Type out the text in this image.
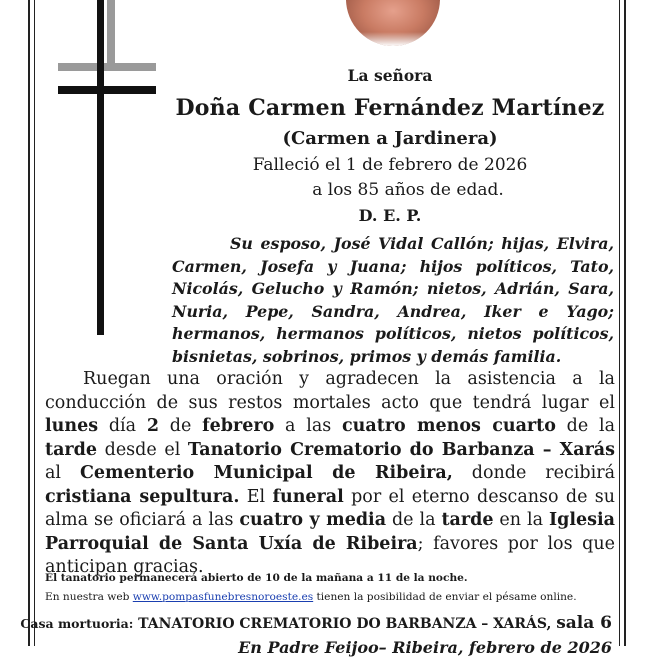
La señora

Doña Carmen Fernández Martínez

(Carmen a Jardinera)

Falleció el 1 de febrero de 2026

a los 85 años de edad.

D. E. P.

Su esposo, José Vidal Callón; hijas, Elvira, Carmen, Josefa y Juana; hijos políticos, Tato, Nicolás, Gelucho y Ramón; nietos, Adrián, Sara, Nuria, Pepe, Sandra, Andrea, Iker e Yago; hermanos, hermanos políticos, nietos políticos, bisnietas, sobrinos, primos y demás familia.

Ruegan una oración y agradecen la asistencia a la conducción de sus restos mortales acto que tendrá lugar el lunes día 2 de febrero a las cuatro menos cuarto de la tarde desde el Tanatorio Crematorio do Barbanza – Xarás al Cementerio Municipal de Ribeira, donde recibirá cristiana sepultura. El funeral por el eterno descanso de su alma se oficiará a las cuatro y media de la tarde en la Iglesia Parroquial de Santa Uxía de Ribeira; favores por los que anticipan gracias.

El tanatorio permanecerá abierto de 10 de la mañana a 11 de la noche.

En nuestra web www.pompasfunebresnoroeste.es tienen la posibilidad de enviar el pésame online.

Casa mortuoria: TANATORIO CREMATORIO DO BARBANZA – XARÁS, sala 6

En Padre Feijoo– Ribeira, febrero de 2026
